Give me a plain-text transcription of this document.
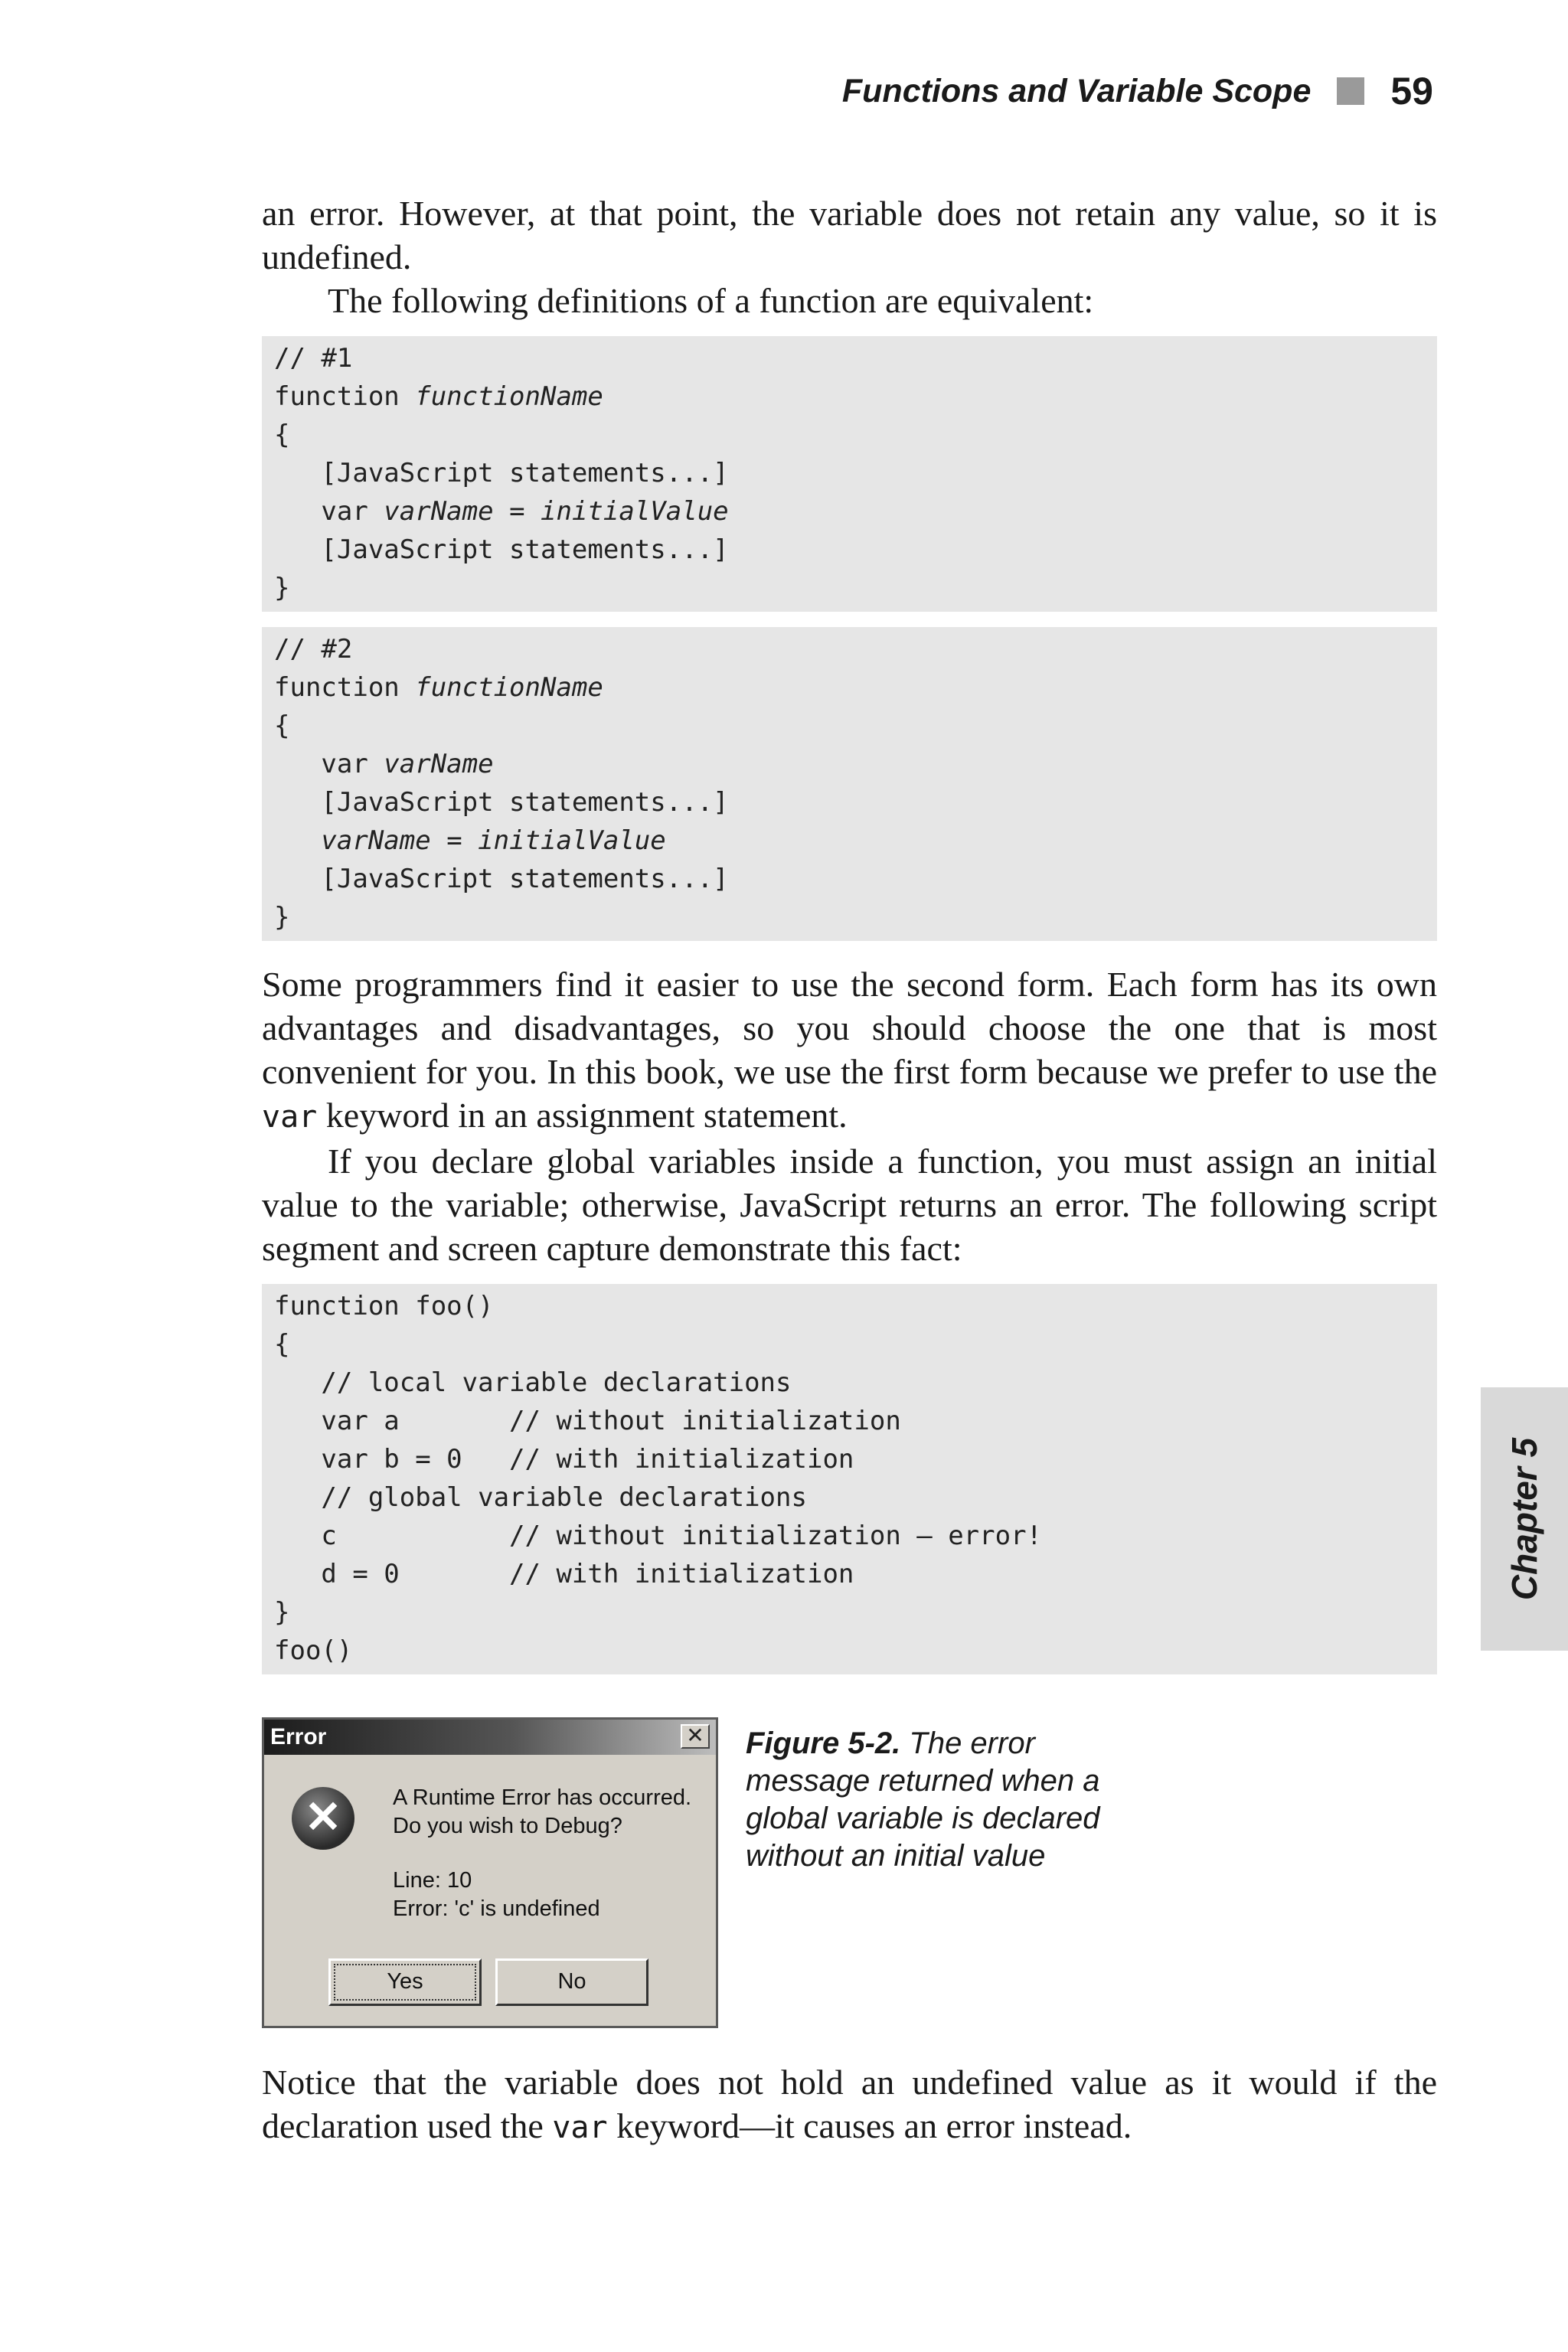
Functions and Variable Scope 59

an error. However, at that point, the variable does not retain any value, so it is undefined.

The following definitions of a function are equivalent:

// #1
function functionName
{
[JavaScript statements...]
var varName = initialValue
[JavaScript statements...]
}
// #2
function functionName
{
var varName
[JavaScript statements...]
varName = initialValue
[JavaScript statements...]
}

Some programmers find it easier to use the second form. Each form has its own advantages and disadvantages, so you should choose the one that is most convenient for you. In this book, we use the first form because we prefer to use the var keyword in an assignment statement.

If you declare global variables inside a function, you must assign an initial value to the variable; otherwise, JavaScript returns an error. The following script segment and screen capture demonstrate this fact:

function foo()
{
// local variable declarations
var a       // without initialization
var b = 0   // with initialization
// global variable declarations
c           // without initialization — error!
d = 0       // with initialization
}
foo()
Error	✕
✕	A Runtime Error has occurred.
Do you wish to Debug?
Line: 10
Error: 'c' is undefined
Yes	No
Figure 5-2. The error message returned when a global variable is declared without an initial value

Notice that the variable does not hold an undefined value as it would if the declaration used the var keyword—it causes an error instead.

Chapter 5
